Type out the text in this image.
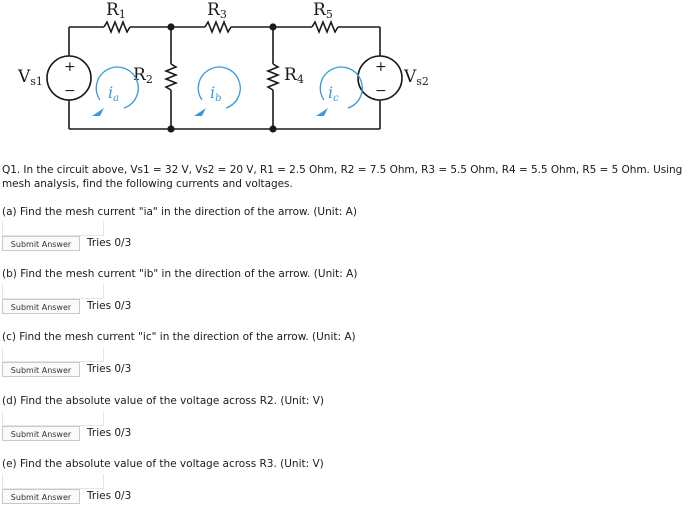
+
−
+
−
R1	R3	R5
R2	R4
Vs1	Vs2
ia	ib	ic
Q1. In the circuit above, Vs1 = 32 V, Vs2 = 20 V, R1 = 2.5 Ohm, R2 = 7.5 Ohm, R3 = 5.5 Ohm, R4 = 5.5 Ohm, R5 = 5 Ohm. Using mesh analysis, find the following currents and voltages.
(a) Find the mesh current "ia" in the direction of the arrow. (Unit: A)
Submit Answer	Tries 0/3
(b) Find the mesh current "ib" in the direction of the arrow. (Unit: A)
Submit Answer	Tries 0/3
(c) Find the mesh current "ic" in the direction of the arrow. (Unit: A)
Submit Answer	Tries 0/3
(d) Find the absolute value of the voltage across R2. (Unit: V)
Submit Answer	Tries 0/3
(e) Find the absolute value of the voltage across R3. (Unit: V)
Submit Answer	Tries 0/3
